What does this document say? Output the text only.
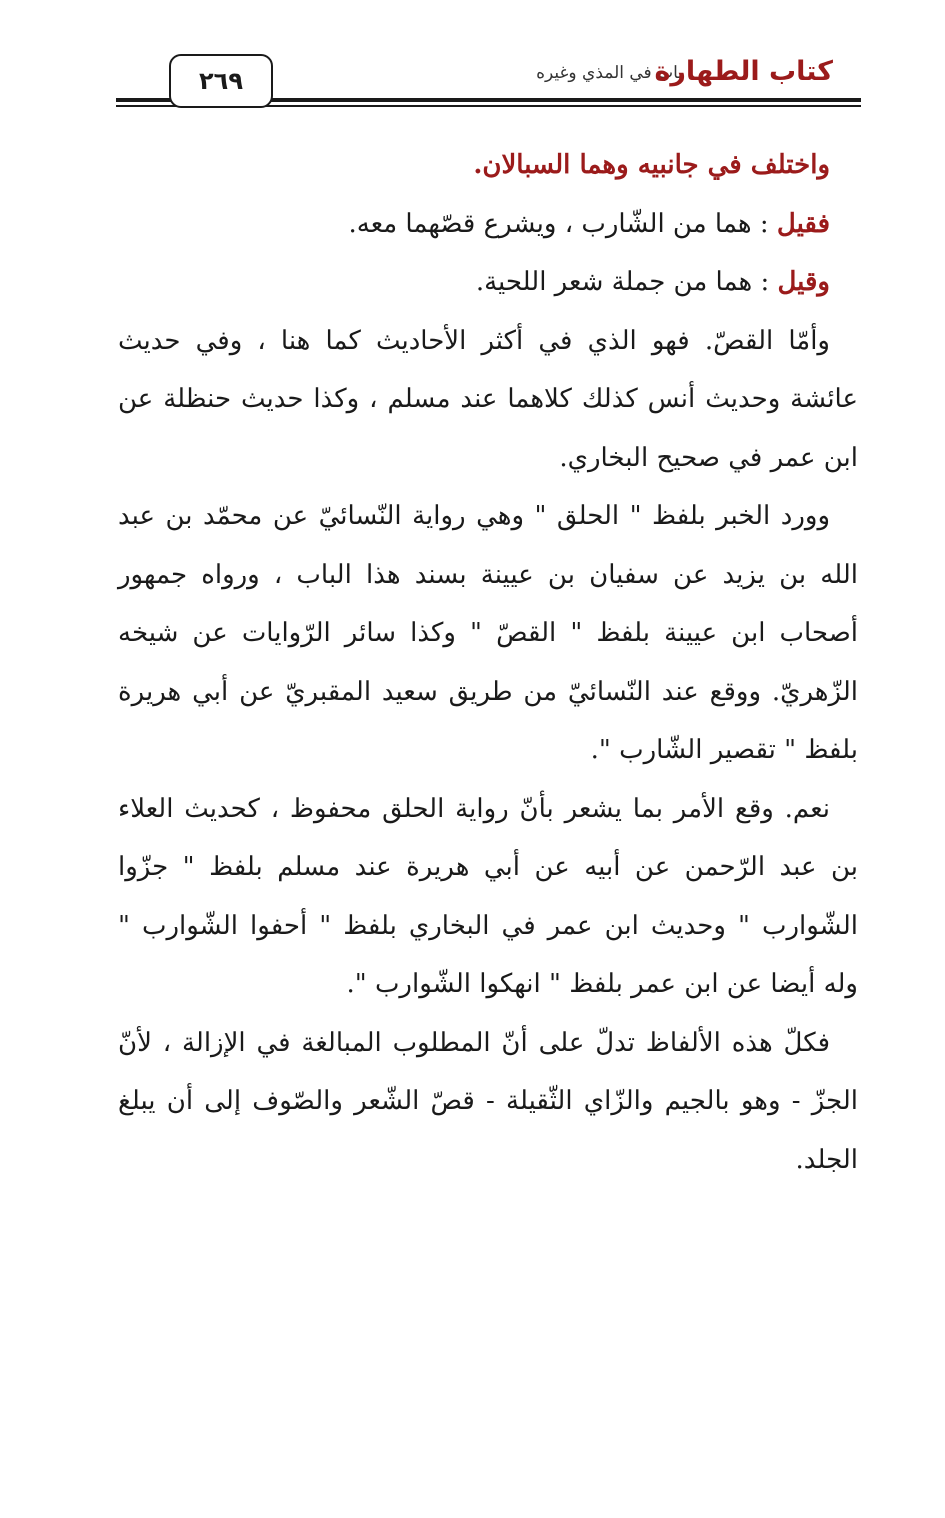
٢٦٩	باب في المذي وغيره
كتاب الطهارة

واختلف في جانبيه وهما السبالان.

فقيل : هما من الشّارب ، ويشرع قصّهما معه.

وقيل : هما من جملة شعر اللحية.

وأمّا القصّ. فهو الذي في أكثر الأحاديث كما هنا ، وفي حديث عائشة وحديث أنس كذلك كلاهما عند مسلم ، وكذا حديث حنظلة عن ابن عمر في صحيح البخاري.

وورد الخبر بلفظ " الحلق " وهي رواية النّسائيّ عن محمّد بن عبد الله بن يزيد عن سفيان بن عيينة بسند هذا الباب ، ورواه جمهور أصحاب ابن عيينة بلفظ " القصّ " وكذا سائر الرّوايات عن شيخه الزّهريّ. ووقع عند النّسائيّ من طريق سعيد المقبريّ عن أبي هريرة بلفظ " تقصير الشّارب ".

نعم. وقع الأمر بما يشعر بأنّ رواية الحلق محفوظ ، كحديث العلاء بن عبد الرّحمن عن أبيه عن أبي هريرة عند مسلم بلفظ " جزّوا الشّوارب " وحديث ابن عمر في البخاري بلفظ " أحفوا الشّوارب " وله أيضا عن ابن عمر بلفظ " انهكوا الشّوارب ".

فكلّ هذه الألفاظ تدلّ على أنّ المطلوب المبالغة في الإزالة ، لأنّ الجزّ - وهو بالجيم والزّاي الثّقيلة - قصّ الشّعر والصّوف إلى أن يبلغ الجلد.
